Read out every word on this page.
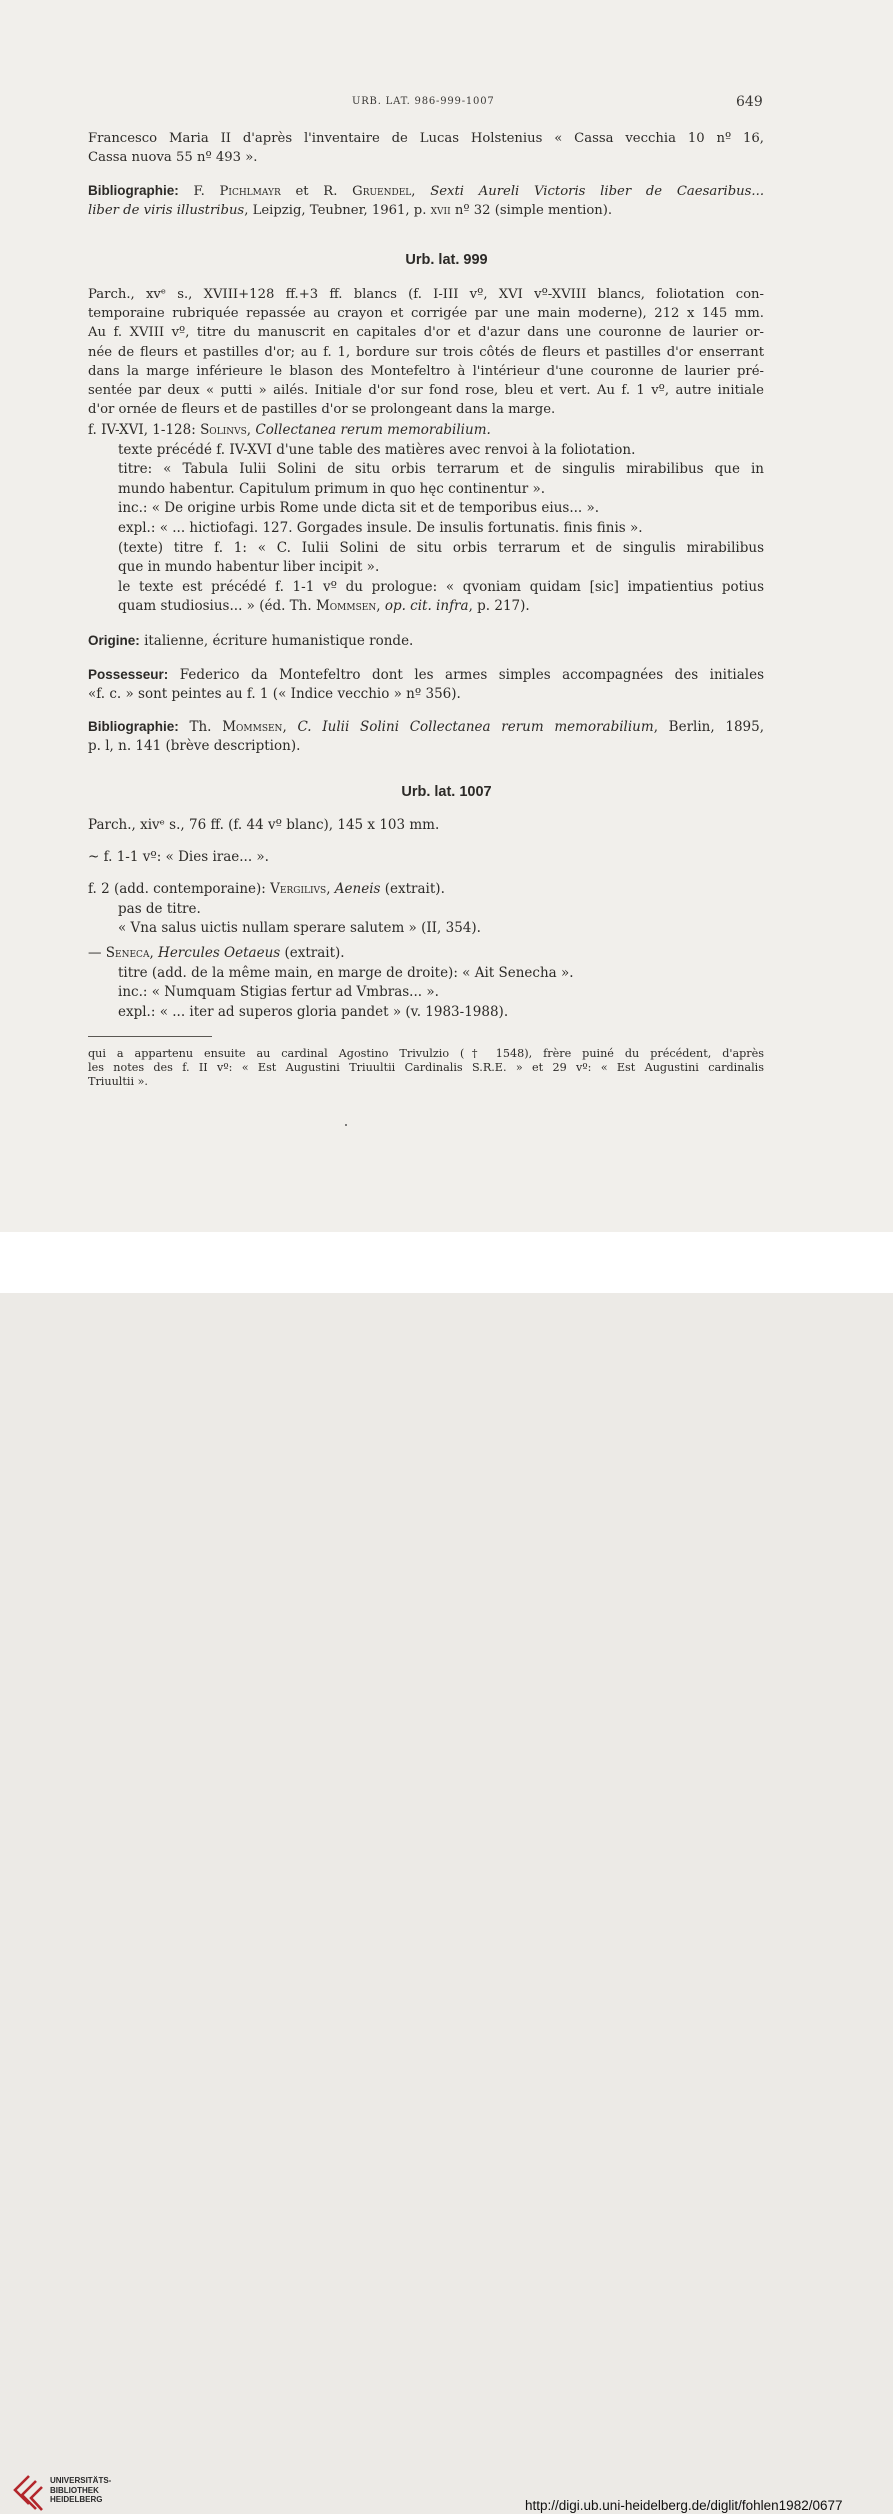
URB. LAT. 986-999-1007	649

Francesco Maria II d'après l'inventaire de Lucas Holstenius « Cassa vecchia 10 nº 16,
Cassa nuova 55 nº 493 ».

Bibliographie: F. Pichlmayr et R. Gruendel, Sexti Aureli Victoris liber de Caesaribus...
liber de viris illustribus, Leipzig, Teubner, 1961, p. xvii nº 32 (simple mention).

Urb. lat. 999

Parch., xvᵉ s., XVIII+128 ff.+3 ff. blancs (f. I-III vº, XVI vº-XVIII blancs, foliotation con-
temporaine rubriquée repassée au crayon et corrigée par une main moderne), 212 x 145 mm.
Au f. XVIII vº, titre du manuscrit en capitales d'or et d'azur dans une couronne de laurier or-
née de fleurs et pastilles d'or; au f. 1, bordure sur trois côtés de fleurs et pastilles d'or enserrant
dans la marge inférieure le blason des Montefeltro à l'intérieur d'une couronne de laurier pré-
sentée par deux « putti » ailés. Initiale d'or sur fond rose, bleu et vert. Au f. 1 vº, autre initiale
d'or ornée de fleurs et de pastilles d'or se prolongeant dans la marge.

f. IV-XVI, 1-128: Solinvs, Collectanea rerum memorabilium.
texte précédé f. IV-XVI d'une table des matières avec renvoi à la foliotation.
titre: « Tabula Iulii Solini de situ orbis terrarum et de singulis mirabilibus que in
mundo habentur. Capitulum primum in quo hęc continentur ».
inc.: « De origine urbis Rome unde dicta sit et de temporibus eius... ».
expl.: « ... hictiofagi. 127. Gorgades insule. De insulis fortunatis. finis finis ».
(texte) titre f. 1: « C. Iulii Solini de situ orbis terrarum et de singulis mirabilibus
que in mundo habentur liber incipit ».
le texte est précédé f. 1-1 vº du prologue: « qvoniam quidam [sic] impatientius potius
quam studiosius... » (éd. Th. Mommsen, op. cit. infra, p. 217).

Origine: italienne, écriture humanistique ronde.

Possesseur: Federico da Montefeltro dont les armes simples accompagnées des initiales
«f. c. » sont peintes au f. 1 (« Indice vecchio » nº 356).

Bibliographie: Th. Mommsen, C. Iulii Solini Collectanea rerum memorabilium, Berlin, 1895,
p. l, n. 141 (brève description).

Urb. lat. 1007

Parch., xivᵉ s., 76 ff. (f. 44 vº blanc), 145 x 103 mm.

~ f. 1-1 vº: « Dies irae... ».

f. 2 (add. contemporaine): Vergilivs, Aeneis (extrait).
pas de titre.
« Vna salus uictis nullam sperare salutem » (II, 354).

— Seneca, Hercules Oetaeus (extrait).
titre (add. de la même main, en marge de droite): « Ait Senecha ».
inc.: « Numquam Stigias fertur ad Vmbras... ».
expl.: « ... iter ad superos gloria pandet » (v. 1983-1988).

qui a appartenu ensuite au cardinal Agostino Trivulzio († 1548), frère puiné du précédent, d'après
les notes des f. II vº: « Est Augustini Triuultii Cardinalis S.R.E. » et 29 vº: « Est Augustini cardinalis
Triuultii ».
UNIVERSITÄTS-
BIBLIOTHEK
HEIDELBERG	http://digi.ub.uni-heidelberg.de/diglit/fohlen1982/0677
